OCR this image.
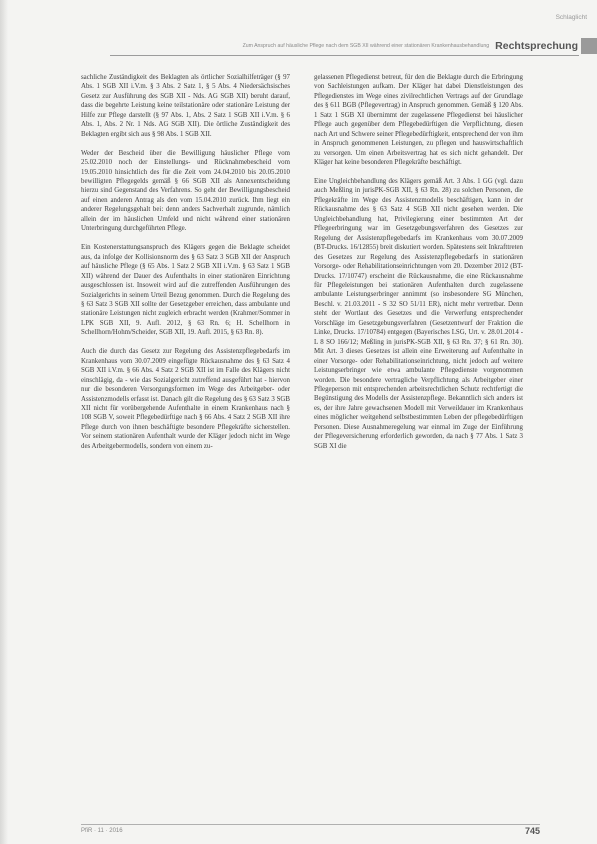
Schlaglicht
Zum Anspruch auf häusliche Pflege nach dem SGB XII während einer stationären Krankenhausbehandlung Rechtsprechung

sachliche Zuständigkeit des Beklagten als örtlicher Sozialhilfeträger (§ 97 Abs. 1 SGB XII i.V.m. § 3 Abs. 2 Satz 1, § 5 Abs. 4 Niedersächsisches Gesetz zur Ausführung des SGB XII - Nds. AG SGB XII) beruht darauf, dass die begehrte Leistung keine teilstationäre oder stationäre Leistung der Hilfe zur Pflege darstellt (§ 97 Abs. 1, Abs. 2 Satz 1 SGB XII i.V.m. § 6 Abs. 1, Abs. 2 Nr. 1 Nds. AG SGB XII). Die örtliche Zuständigkeit des Beklagten ergibt sich aus § 98 Abs. 1 SGB XII.

Weder der Bescheid über die Bewilligung häuslicher Pflege vom 25.02.2010 noch der Einstellungs- und Rücknahmebescheid vom 19.05.2010 hinsichtlich des für die Zeit vom 24.04.2010 bis 20.05.2010 bewilligten Pflegegelds gemäß § 66 SGB XII als Annexentscheidung hierzu sind Gegenstand des Verfahrens. So geht der Bewilligungsbescheid auf einen anderen Antrag als den vom 15.04.2010 zurück. Ihm liegt ein anderer Regelungsgehalt bei: denn anders Sachverhalt zugrunde, nämlich allein der im häuslichen Umfeld und nicht während einer stationären Unterbringung durchgeführten Pflege.

Ein Kostenerstattungsanspruch des Klägers gegen die Beklagte scheidet aus, da infolge der Kollisionsnorm des § 63 Satz 3 SGB XII der Anspruch auf häusliche Pflege (§ 65 Abs. 1 Satz 2 SGB XII i.V.m. § 63 Satz 1 SGB XII) während der Dauer des Aufenthalts in einer stationären Einrichtung ausgeschlossen ist. Insoweit wird auf die zutreffenden Ausführungen des Sozialgerichts in seinem Urteil Bezug genommen. Durch die Regelung des § 63 Satz 3 SGB XII sollte der Gesetzgeber erreichen, dass ambulante und stationäre Leistungen nicht zugleich erbracht werden (Krahmer/Sommer in LPK SGB XII, 9. Aufl. 2012, § 63 Rn. 6; H. Schellhorn in Schellhorn/Hohm/Scheider, SGB XII, 19. Aufl. 2015, § 63 Rn. 8).

Auch die durch das Gesetz zur Regelung des Assistenzpflegebedarfs im Krankenhaus vom 30.07.2009 eingefügte Rückausnahme des § 63 Satz 4 SGB XII i.V.m. § 66 Abs. 4 Satz 2 SGB XII ist im Falle des Klägers nicht einschlägig, da - wie das Sozialgericht zutreffend ausgeführt hat - hiervon nur die besonderen Versorgungsformen im Wege des Arbeitgeber- oder Assistenzmodells erfasst ist. Danach gilt die Regelung des § 63 Satz 3 SGB XII nicht für vorübergehende Aufenthalte in einem Krankenhaus nach § 108 SGB V, soweit Pflegebedürftige nach § 66 Abs. 4 Satz 2 SGB XII ihre Pflege durch von ihnen beschäftigte besondere Pflegekräfte sicherstellen. Vor seinem stationären Aufenthalt wurde der Kläger jedoch nicht im Wege des Arbeitgebermodells, sondern von einem zu-

gelassenen Pflegedienst betreut, für den die Beklagte durch die Erbringung von Sachleistungen aufkam. Der Kläger hat dabei Dienstleistungen des Pflegedienstes im Wege eines zivilrechtlichen Vertrags auf der Grundlage des § 611 BGB (Pflegevertrag) in Anspruch genommen. Gemäß § 120 Abs. 1 Satz 1 SGB XI übernimmt der zugelassene Pflegedienst bei häuslicher Pflege auch gegenüber dem Pflegebedürftigen die Verpflichtung, diesen nach Art und Schwere seiner Pflegebedürftigkeit, entsprechend der von ihm in Anspruch genommenen Leistungen, zu pflegen und hauswirtschaftlich zu versorgen. Um einen Arbeitsvertrag hat es sich nicht gehandelt. Der Kläger hat keine besonderen Pflegekräfte beschäftigt.

Eine Ungleichbehandlung des Klägers gemäß Art. 3 Abs. 1 GG (vgl. dazu auch Meßling in jurisPK-SGB XII, § 63 Rn. 28) zu solchen Personen, die Pflegekräfte im Wege des Assistenzmodells beschäftigen, kann in der Rückausnahme des § 63 Satz 4 SGB XII nicht gesehen werden. Die Ungleichbehandlung hat, Privilegierung einer bestimmten Art der Pflegeerbringung war im Gesetzgebungsverfahren des Gesetzes zur Regelung der Assistenzpflegebedarfs im Krankenhaus vom 30.07.2009 (BT-Drucks. 16/12855) breit diskutiert worden. Spätestens seit Inkrafttreten des Gesetzes zur Regelung des Assistenzpflegebedarfs in stationären Vorsorge- oder Rehabilitationseinrichtungen vom 20. Dezember 2012 (BT-Drucks. 17/10747) erscheint die Rückausnahme, die eine Rückausnahme für Pflegeleistungen bei stationären Aufenthalten durch zugelassene ambulante Leistungserbringer annimmt (so insbesondere SG München, Beschl. v. 21.03.2011 - S 32 SO 51/11 ER), nicht mehr vertretbar. Denn steht der Wortlaut des Gesetzes und die Verwerfung entsprechender Vorschläge im Gesetzgebungsverfahren (Gesetzentwurf der Fraktion die Linke, Drucks. 17/10784) entgegen (Bayerisches LSG, Urt. v. 28.01.2014 - L 8 SO 166/12; Meßling in jurisPK-SGB XII, § 63 Rn. 37; § 61 Rn. 30). Mit Art. 3 dieses Gesetzes ist allein eine Erweiterung auf Aufenthalte in einer Vorsorge- oder Rehabilitationseinrichtung, nicht jedoch auf weitere Leistungserbringer wie etwa ambulante Pflegedienste vorgenommen worden. Die besondere vertragliche Verpflichtung als Arbeitgeber einer Pflegeperson mit entsprechenden arbeitsrechtlichen Schutz rechtfertigt die Begünstigung des Modells der Assistenzpflege. Bekanntlich sich anders ist es, der ihre Jahre gewachsenen Modell mit Verweildauer im Krankenhaus eines möglicher weitgehend selbstbestimmten Leben der pflegebedürftigen Personen. Diese Ausnahmeregelung war einmal im Zuge der Einführung der Pflegeversicherung erforderlich geworden, da nach § 77 Abs. 1 Satz 3 SGB XI die

PfiR · 11 · 2016	745
